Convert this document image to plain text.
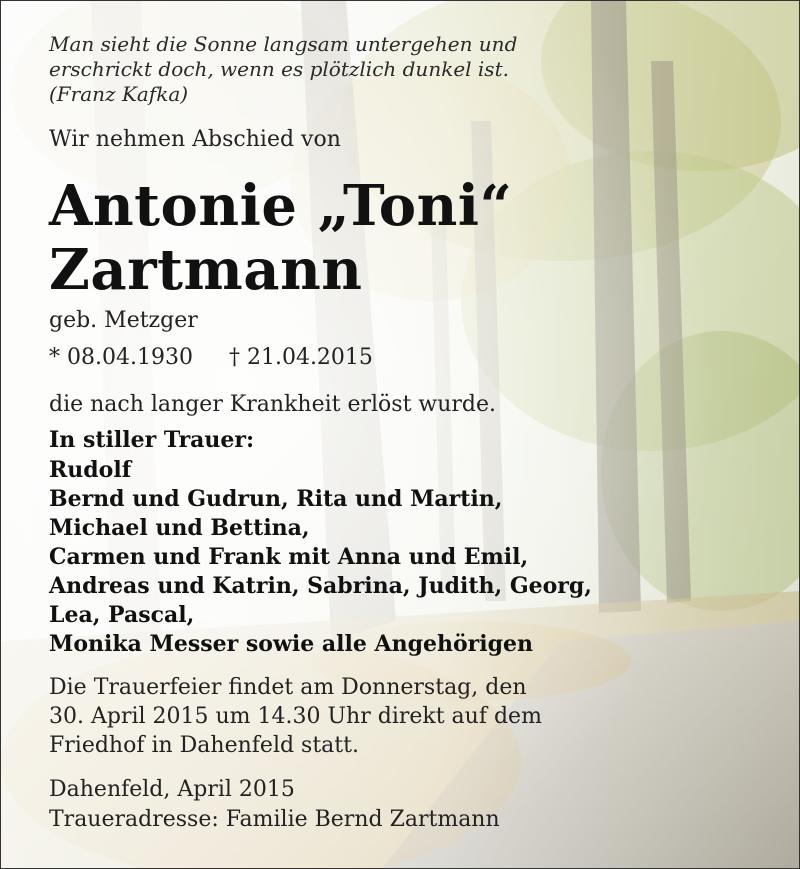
Man sieht die Sonne langsam untergehen und
erschrickt doch, wenn es plötzlich dunkel ist.
(Franz Kafka)
Wir nehmen Abschied von
Antonie „Toni“
Zartmann
geb. Metzger
* 08.04.1930 † 21.04.2015
die nach langer Krankheit erlöst wurde.
In stiller Trauer:
Rudolf
Bernd und Gudrun, Rita und Martin,
Michael und Bettina,
Carmen und Frank mit Anna und Emil,
Andreas und Katrin, Sabrina, Judith, Georg,
Lea, Pascal,
Monika Messer sowie alle Angehörigen
Die Trauerfeier findet am Donnerstag, den
30. April 2015 um 14.30 Uhr direkt auf dem
Friedhof in Dahenfeld statt.
Dahenfeld, April 2015
Traueradresse: Familie Bernd Zartmann
